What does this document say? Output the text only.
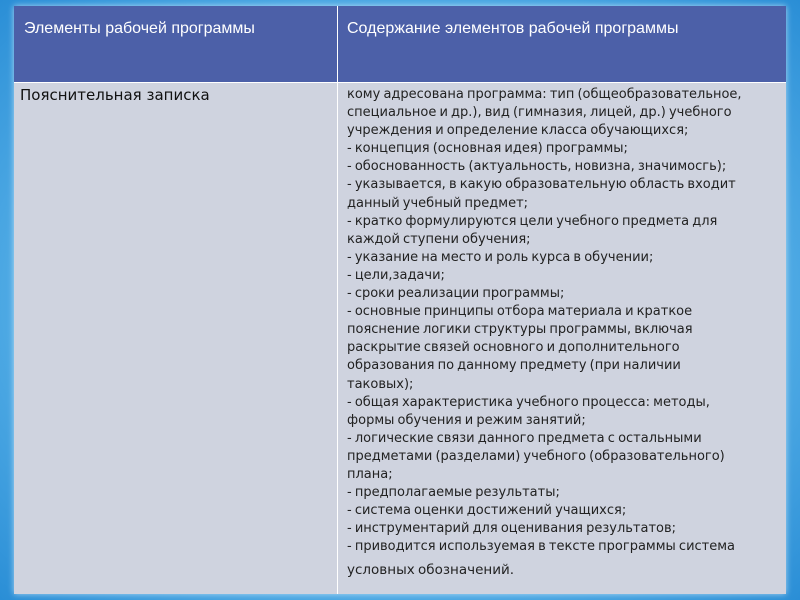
Элементы рабочей программы	Содержание элементов рабочей программы
Пояснительная записка	кому адресована программа: тип (общеобразовательное,
специальное и др.), вид (гимназия, лицей, др.) учебного
учреждения и определение класса обучающихся;
- концепция (основная идея) программы;
- обоснованность (актуальность, новизна, значимосгь);
- указывается, в какую образовательную область входит
данный учебный предмет;
- кратко формулируются цели учебного предмета для
каждой ступени обучения;
- указание на место и роль курса в обучении;
- цели,задачи;
- сроки реализации программы;
- основные принципы отбора материала и краткое
пояснение логики структуры программы, включая
раскрытие связей основного и дополнительного
образования по данному предмету (при наличии
таковых);
- общая характеристика учебного процесса: методы,
формы обучения и режим занятий;
- логические связи данного предмета с остальными
предметами (разделами) учебного (образовательного)
плана;
- предполагаемые результаты;
- система оценки достижений учащихся;
- инструментарий для оценивания результатов;
- приводится используемая в тексте программы система
условных обозначений.
